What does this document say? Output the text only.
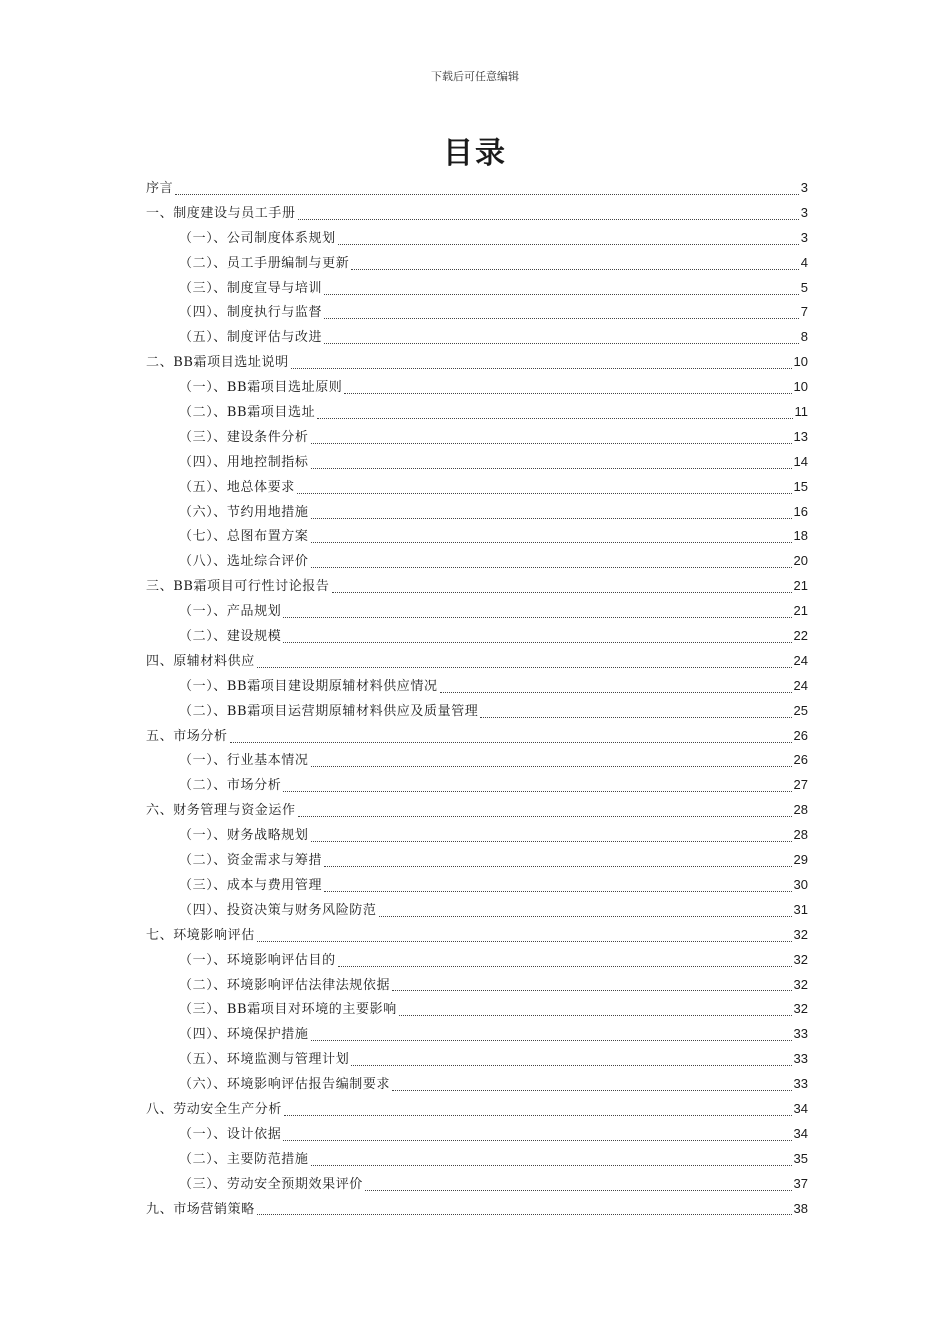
下载后可任意编辑
目录
序言	3
一、制度建设与员工手册	3
（一）、公司制度体系规划	3
（二）、员工手册编制与更新	4
（三）、制度宣导与培训	5
（四）、制度执行与监督	7
（五）、制度评估与改进	8
二、BB霜项目选址说明	10
（一）、BB霜项目选址原则	10
（二）、BB霜项目选址	11
（三）、建设条件分析	13
（四）、用地控制指标	14
（五）、地总体要求	15
（六）、节约用地措施	16
（七）、总图布置方案	18
（八）、选址综合评价	20
三、BB霜项目可行性讨论报告	21
（一）、产品规划	21
（二）、建设规模	22
四、原辅材料供应	24
（一）、BB霜项目建设期原辅材料供应情况	24
（二）、BB霜项目运营期原辅材料供应及质量管理	25
五、市场分析	26
（一）、行业基本情况	26
（二）、市场分析	27
六、财务管理与资金运作	28
（一）、财务战略规划	28
（二）、资金需求与筹措	29
（三）、成本与费用管理	30
（四）、投资决策与财务风险防范	31
七、环境影响评估	32
（一）、环境影响评估目的	32
（二）、环境影响评估法律法规依据	32
（三）、BB霜项目对环境的主要影响	32
（四）、环境保护措施	33
（五）、环境监测与管理计划	33
（六）、环境影响评估报告编制要求	33
八、劳动安全生产分析	34
（一）、设计依据	34
（二）、主要防范措施	35
（三）、劳动安全预期效果评价	37
九、市场营销策略	38
